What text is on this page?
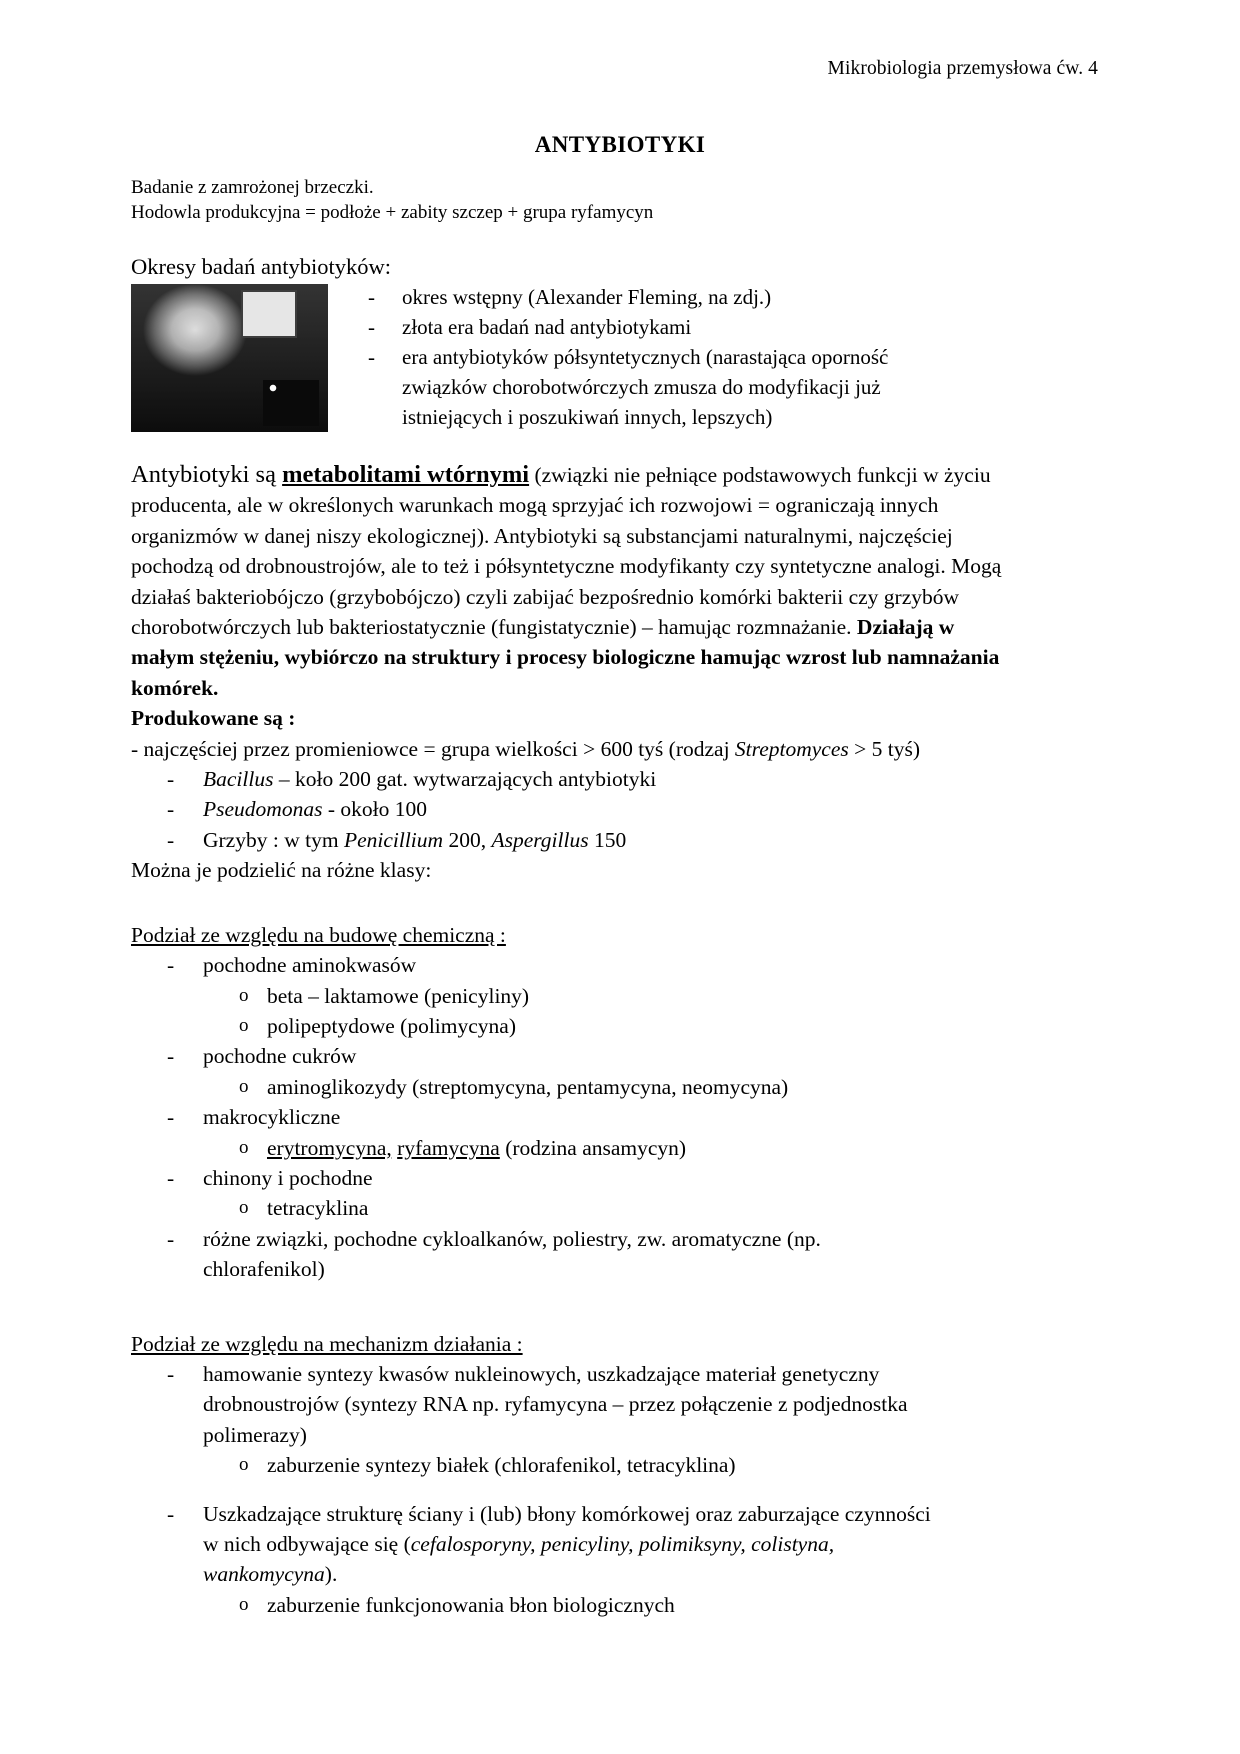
Mikrobiologia przemysłowa ćw. 4
ANTYBIOTYKI
Badanie z zamrożonej brzeczki.
Hodowla produkcyjna = podłoże + zabity szczep + grupa ryfamycyn
Okresy badań antybiotyków:
-	okres wstępny (Alexander Fleming, na zdj.)
-	złota era badań nad antybiotykami
-	era antybiotyków półsyntetycznych (narastająca oporność
związków chorobotwórczych zmusza do modyfikacji już
istniejących i poszukiwań innych, lepszych)
Antybiotyki są metabolitami wtórnymi (związki nie pełniące podstawowych funkcji w życiu producenta, ale w określonych warunkach mogą sprzyjać ich rozwojowi = ograniczają innych organizmów w danej niszy ekologicznej). Antybiotyki są substancjami naturalnymi, najczęściej pochodzą od drobnoustrojów, ale to też i półsyntetyczne modyfikanty czy syntetyczne analogi. Mogą działaś bakteriobójczo (grzybobójczo) czyli zabijać bezpośrednio komórki bakterii czy grzybów chorobotwórczych lub bakteriostatycznie (fungistatycznie) – hamując rozmnażanie. Działają w małym stężeniu, wybiórczo na struktury i procesy biologiczne hamując wzrost lub namnażania komórek.
Produkowane są :
- najczęściej przez promieniowce = grupa wielkości > 600 tyś (rodzaj Streptomyces > 5 tyś)
-	Bacillus – koło 200 gat. wytwarzających antybiotyki
-	Pseudomonas - około 100
-	Grzyby : w tym Penicillium 200, Aspergillus 150
Można je podzielić na różne klasy:
Podział ze względu na budowę chemiczną :
-	pochodne aminokwasów
o beta – laktamowe (penicyliny)
o polipeptydowe (polimycyna)
-	pochodne cukrów
o aminoglikozydy (streptomycyna, pentamycyna, neomycyna)
-	makrocykliczne
o erytromycyna, ryfamycyna (rodzina ansamycyn)
-	chinony i pochodne
o tetracyklina
-	różne związki, pochodne cykloalkanów, poliestry, zw. aromatyczne (np.
chlorafenikol)
Podział ze względu na mechanizm działania :
-	hamowanie syntezy kwasów nukleinowych, uszkadzające materiał genetyczny
drobnoustrojów (syntezy RNA np. ryfamycyna – przez połączenie z podjednostka
polimerazy)
o zaburzenie syntezy białek (chlorafenikol, tetracyklina)
-	Uszkadzające strukturę ściany i (lub) błony komórkowej oraz zaburzające czynności
w nich odbywające się (cefalosporyny, penicyliny, polimiksyny, colistyna,
wankomycyna).
o zaburzenie funkcjonowania błon biologicznych
